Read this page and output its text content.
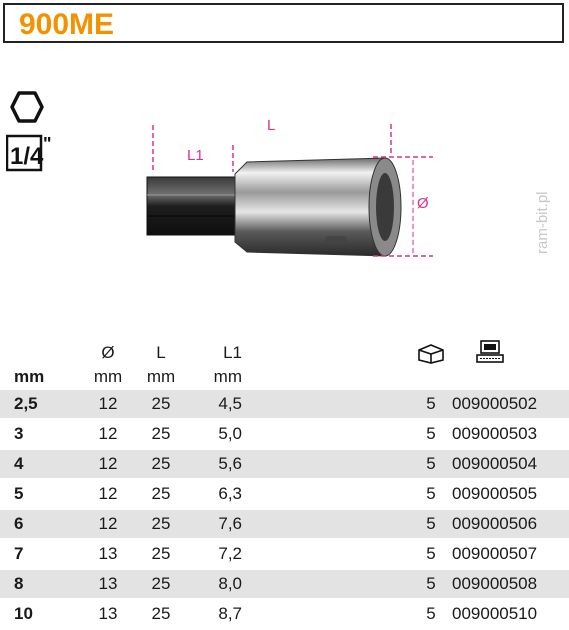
900ME
1/4 "
L1
L
Ø	ram-bit.pl
	Ø	L	L1			
mm	mm	mm	mm			
2,5	12	25	4,5		5	009000502
3	12	25	5,0		5	009000503
4	12	25	5,6		5	009000504
5	12	25	6,3		5	009000505
6	12	25	7,6		5	009000506
7	13	25	7,2		5	009000507
8	13	25	8,0		5	009000508
10	13	25	8,7		5	009000510
